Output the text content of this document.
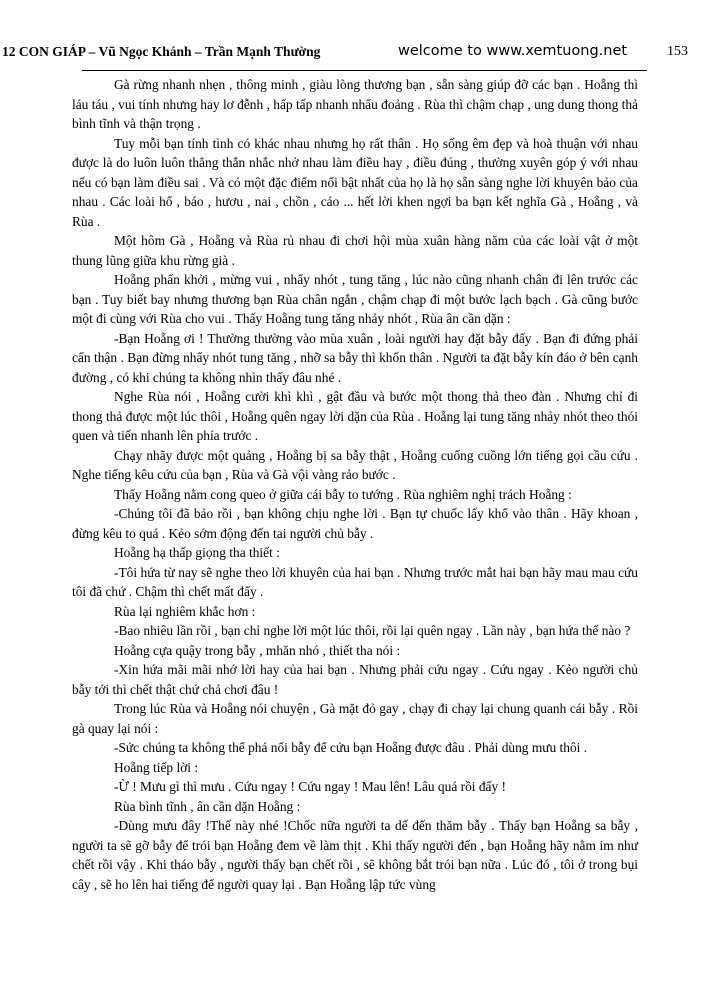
12 CON GIÁP – Vũ Ngọc Khánh – Trần Mạnh Thường	welcome to www.xemtuong.net	153

Gà rừng nhanh nhẹn , thông minh , giàu lòng thương bạn , sẵn sàng giúp đỡ các bạn . Hoẵng thì láu táu , vui tính nhưng hay lơ đễnh , hấp tấp nhanh nhẩu đoảng . Rùa thì chậm chạp , ung dung thong thả bình tĩnh và thận trọng .

Tuy mỗi bạn tính tình có khác nhau nhưng họ rất thân . Họ sống êm đẹp và hoà thuận với nhau được là do luôn luôn thẳng thắn nhắc nhở nhau làm điều hay , điều đúng , thường xuyên góp ý với nhau nếu có bạn làm điều sai . Và có một đặc điểm nổi bật nhất của họ là họ sẵn sàng nghe lời khuyên bảo của nhau . Các loài hổ , báo , hươu , nai , chồn , cáo ... hết lời khen ngợi ba bạn kết nghĩa Gà , Hoẵng , và Rùa .

Một hôm Gà , Hoẵng và Rùa rủ nhau đi chơi hội mùa xuân hàng năm của các loài vật ở một thung lũng giữa khu rừng già .

Hoẵng phấn khởi , mừng vui , nhẩy nhót , tung tăng , lúc nào cũng nhanh chân đi lên trước các bạn . Tuy biết bay nhưng thương bạn Rùa chân ngắn , chậm chạp đi một bước lạch bạch . Gà cũng bước một đi cùng với Rùa cho vui . Thấy Hoẵng tung tăng nhảy nhót , Rùa ân cần dặn :

-Bạn Hoẵng ơi ! Thường thường vào mùa xuân , loài người hay đặt bẫy đấy . Bạn đi đứng phải cẩn thận . Bạn đừng nhẩy nhót tung tăng , nhỡ sa bẫy thì khốn thân . Người ta đặt bẫy kín đáo ở bên cạnh đường , có khi chúng ta không nhìn thấy đâu nhé .

Nghe Rùa nói , Hoẵng cười khì khì , gật đầu và bước một thong thả theo đàn . Nhưng chỉ đi thong thả được một lúc thôi , Hoẵng quên ngay lời dặn của Rùa . Hoẵng lại tung tăng nhảy nhót theo thói quen và tiến nhanh lên phía trước .

Chạy nhãy được một quảng , Hoẵng bị sa bẫy thật , Hoẵng cuống cuồng lớn tiếng gọi cầu cứu . Nghe tiếng kêu cứu của bạn , Rùa và Gà vội vàng rảo bước .

Thấy Hoẵng nằm cong queo ở giữa cái bẫy to tướng . Rùa nghiêm nghị trách Hoẵng :

-Chúng tôi đã bảo rồi , bạn không chịu nghe lời . Bạn tự chuốc lấy khổ vào thân . Hãy khoan , đừng kêu to quá . Kẻo sớm động đến tai người chủ bẫy .

Hoẵng hạ thấp giọng tha thiết :

-Tôi hứa từ nay sẽ nghe theo lời khuyên của hai bạn . Nhưng trước mắt hai bạn hãy mau mau cứu tôi đã chứ . Chậm thì chết mất đấy .

Rùa lại nghiêm khắc hơn :

-Bao nhiêu lần rồi , bạn chỉ nghe lời một lúc thôi, rồi lại quên ngay . Lần này , bạn hứa thế nào ?

Hoẵng cựa quậy trong bẫy , mhăn nhó , thiết tha nói :

-Xin hứa mãi mãi nhớ lời hay của hai bạn . Nhưng phải cứu ngay . Cứu ngay . Kẻo người chủ bẫy tới thì chết thật chứ chả chơi đâu !

Trong lúc Rùa và Hoẵng nói chuyện , Gà mặt đỏ gay , chạy đi chạy lại chung quanh cái bẫy . Rồi gà quay lại nói :

-Sức chúng ta không thể phá nổi bẫy để cứu bạn Hoẵng được đâu . Phải dùng mưu thôi .

Hoẵng tiếp lời :

-Ừ ! Mưu gì thì mưu . Cứu ngay ! Cứu ngay ! Mau lên! Lâu quá rồi đấy !

Rùa bình tĩnh , ân cần dặn Hoẵng :

-Dùng mưu đây !Thế này nhé !Chốc nữa người ta dế đến thăm bẫy . Thấy bạn Hoẵng sa bẫy , người ta sẽ gỡ bẫy để trói bạn Hoẵng đem về làm thịt . Khi thấy người đến , bạn Hoẵng hãy nằm im như chết rồi vậy . Khi tháo bẫy , người thấy bạn chết rồi , sẽ không bắt trói bạn nữa . Lúc đó , tôi ở trong bụi cây , sẽ ho lên hai tiếng để người quay lại . Bạn Hoẵng lập tức vùng
